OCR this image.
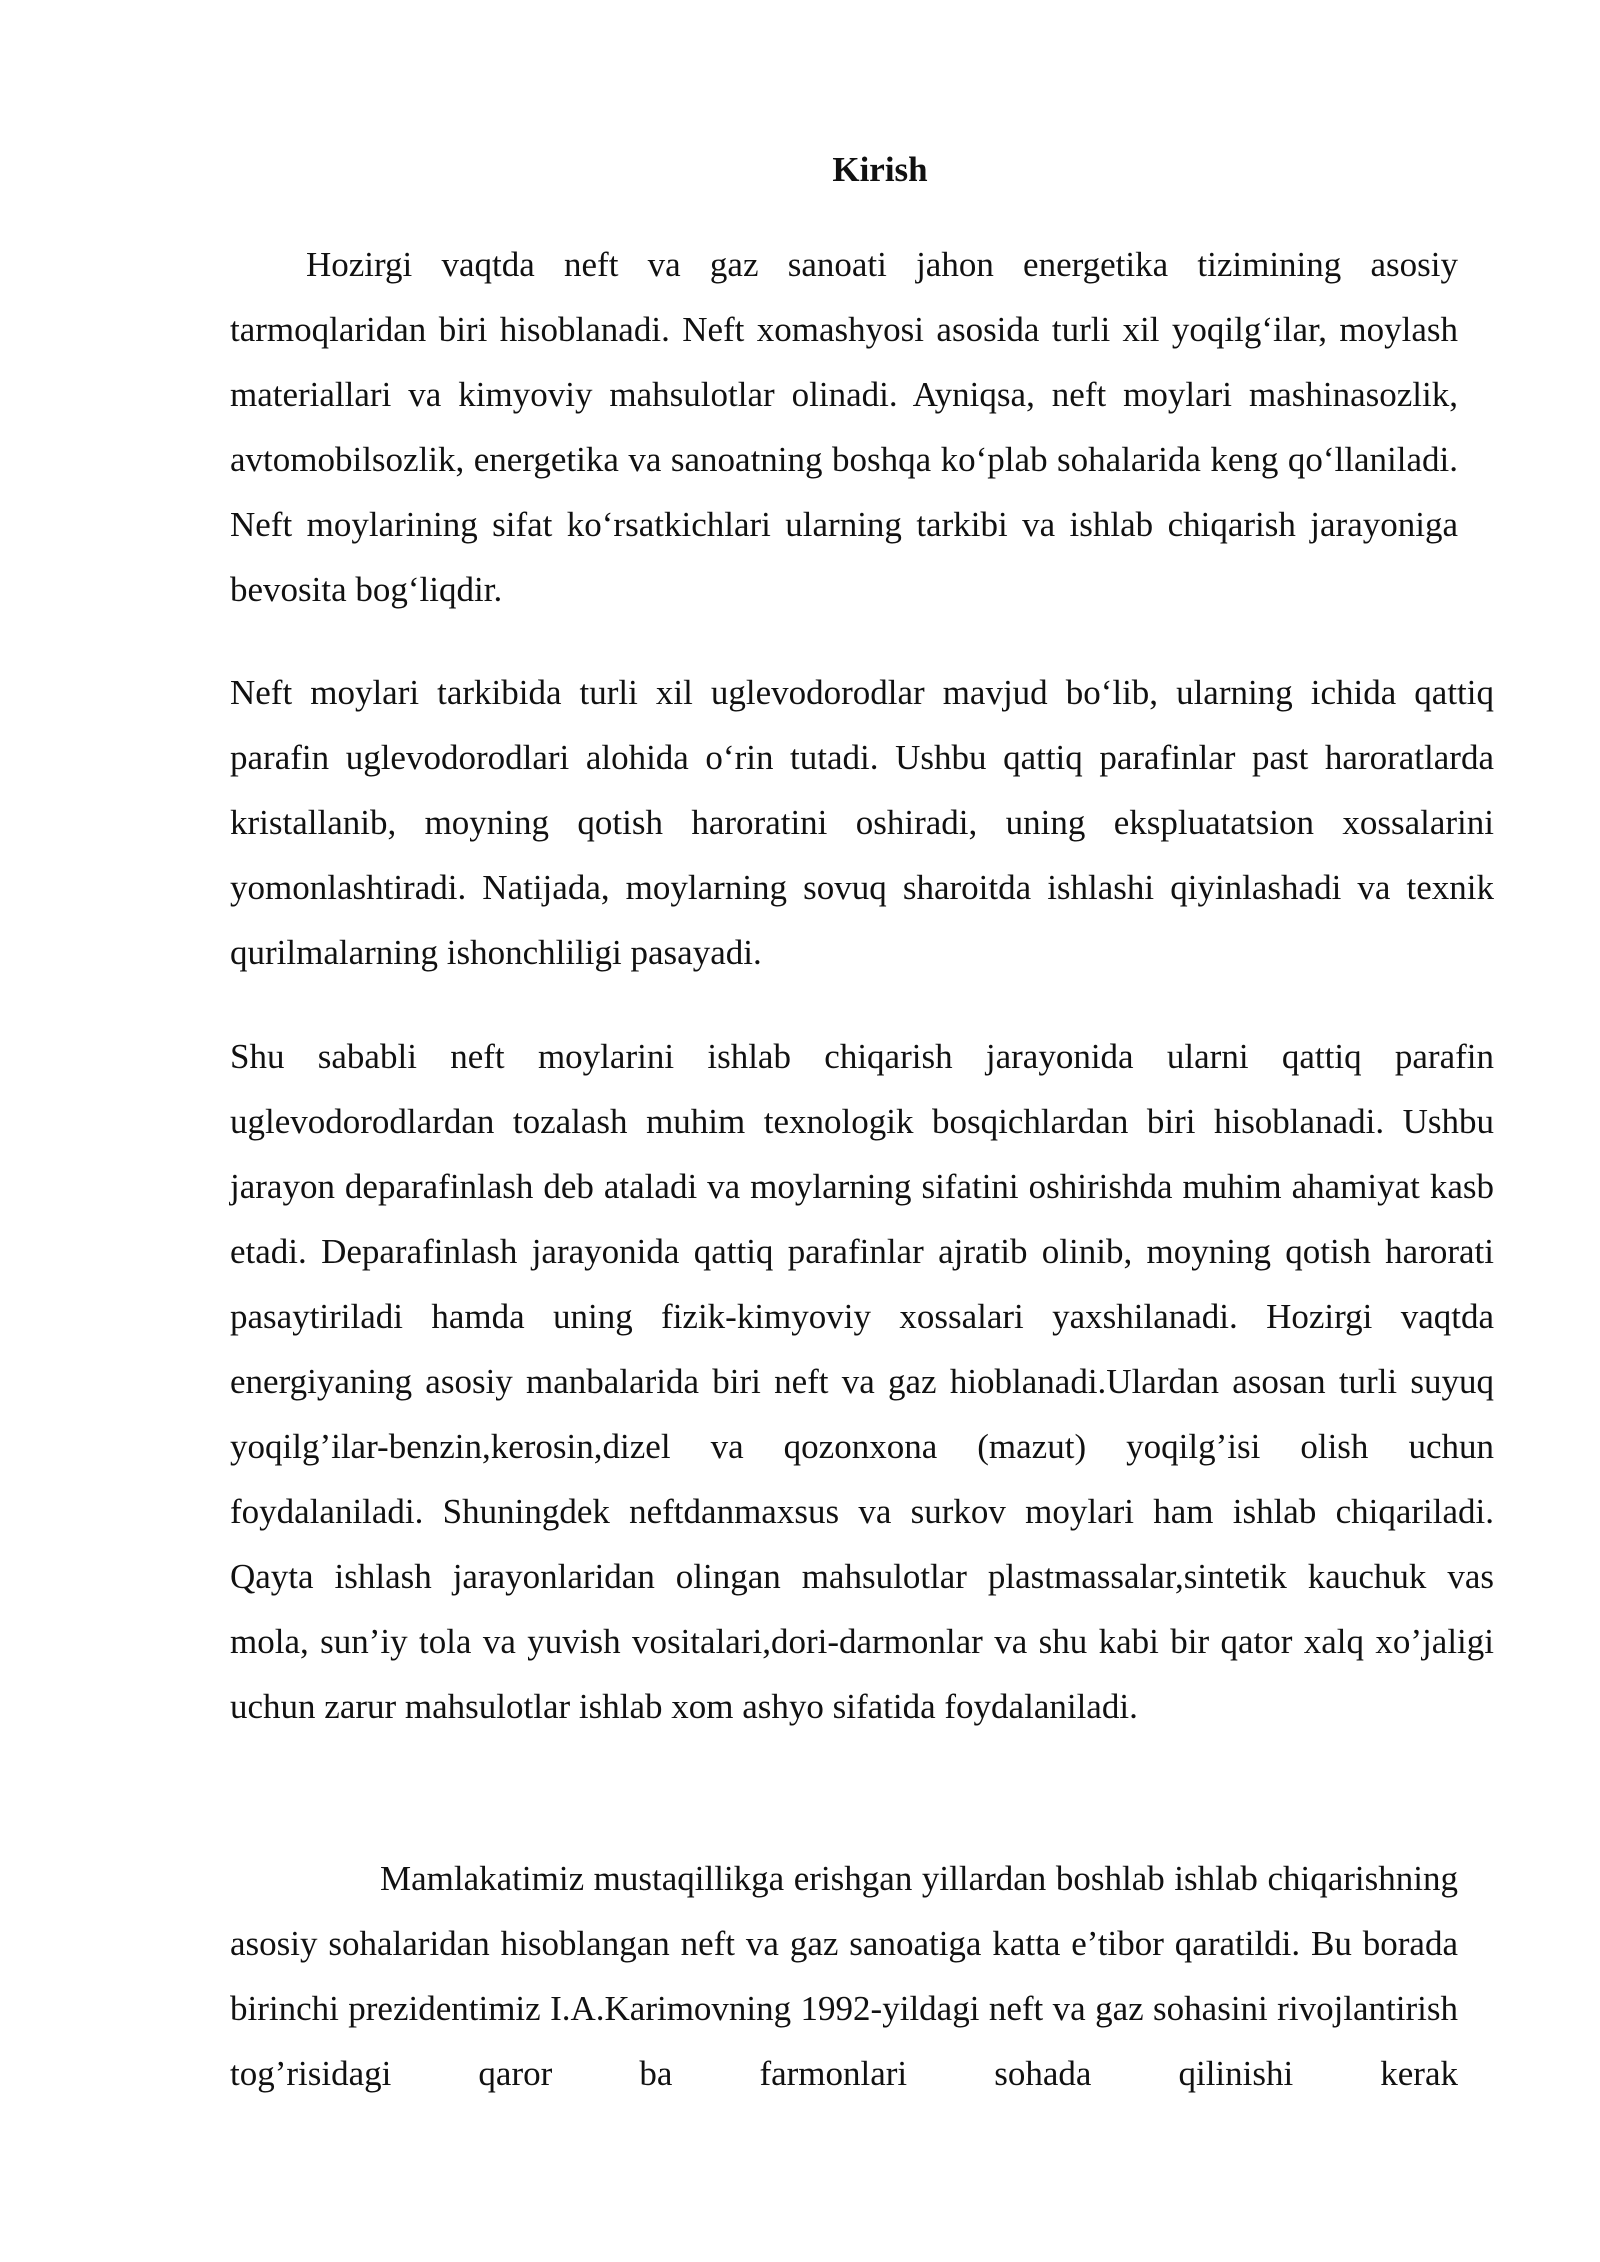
Kirish

Hozirgi vaqtda neft va gaz sanoati jahon energetika tizimining asosiy tarmoqlaridan biri hisoblanadi. Neft xomashyosi asosida turli xil yoqilg‘ilar, moylash materiallari va kimyoviy mahsulotlar olinadi. Ayniqsa, neft moylari mashinasozlik, avtomobilsozlik, energetika va sanoatning boshqa ko‘plab sohalarida keng qo‘llaniladi. Neft moylarining sifat ko‘rsatkichlari ularning tarkibi va ishlab chiqarish jarayoniga bevosita bog‘liqdir.

Neft moylari tarkibida turli xil uglevodorodlar mavjud bo‘lib, ularning ichida qattiq parafin uglevodorodlari alohida o‘rin tutadi. Ushbu qattiq parafinlar past haroratlarda kristallanib, moyning qotish haroratini oshiradi, uning ekspluatatsion xossalarini yomonlashtiradi. Natijada, moylarning sovuq sharoitda ishlashi qiyinlashadi va texnik qurilmalarning ishonchliligi pasayadi.

Shu sababli neft moylarini ishlab chiqarish jarayonida ularni qattiq parafin uglevodorodlardan tozalash muhim texnologik bosqichlardan biri hisoblanadi. Ushbu jarayon deparafinlash deb ataladi va moylarning sifatini oshirishda muhim ahamiyat kasb etadi. Deparafinlash jarayonida qattiq parafinlar ajratib olinib, moyning qotish harorati pasaytiriladi hamda uning fizik-kimyoviy xossalari yaxshilanadi. Hozirgi vaqtda energiyaning asosiy manbalarida biri neft va gaz hioblanadi.Ulardan asosan turli suyuq yoqilg’ilar-benzin,kerosin,dizel va qozonxona (mazut) yoqilg’isi olish uchun foydalaniladi. Shuningdek neftdanmaxsus va surkov moylari ham ishlab chiqariladi. Qayta ishlash jarayonlaridan olingan mahsulotlar plastmassalar,sintetik kauchuk vas mola, sun’iy tola va yuvish vositalari,dori-darmonlar va shu kabi bir qator xalq xo’jaligi uchun zarur mahsulotlar ishlab xom ashyo sifatida foydalaniladi.

Mamlakatimiz mustaqillikga erishgan yillardan boshlab ishlab chiqarishning asosiy sohalaridan hisoblangan neft va gaz sanoatiga katta e’tibor qaratildi. Bu borada birinchi prezidentimiz I.A.Karimovning 1992-yildagi neft va gaz sohasini rivojlantirish tog’risidagi qaror ba farmonlari sohada qilinishi kerak
